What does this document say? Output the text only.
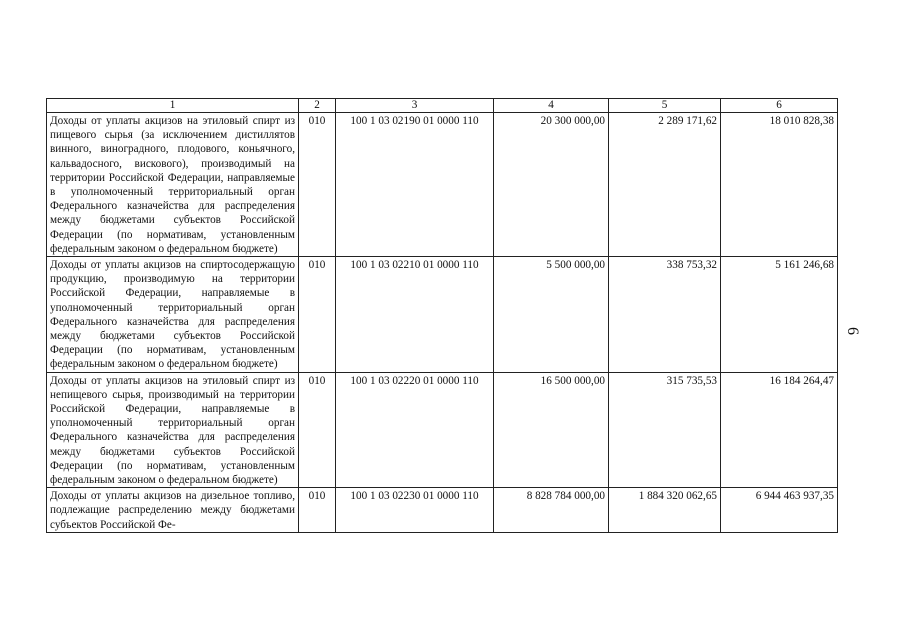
1	2	3	4	5	6
Доходы от уплаты акцизов на этиловый спирт из пищевого сырья (за исключением дистиллятов винного, виноградного, плодового, коньячного, кальвадосного, вискового), производимый на территории Российской Федерации, направляемые в уполномоченный территориальный орган Федерального казначейства для распределения между бюджетами субъектов Российской Федерации (по нормативам, установленным федеральным законом о федеральном бюджете)	010	100 1 03 02190 01 0000 110	20 300 000,00	2 289 171,62	18 010 828,38
Доходы от уплаты акцизов на спиртосодержащую продукцию, производимую на территории Российской Федерации, направляемые в уполномоченный территориальный орган Федерального казначейства для распределения между бюджетами субъектов Российской Федерации (по нормативам, установленным федеральным законом о федеральном бюджете)	010	100 1 03 02210 01 0000 110	5 500 000,00	338 753,32	5 161 246,68
Доходы от уплаты акцизов на этиловый спирт из непищевого сырья, производимый на территории Российской Федерации, направляемые в уполномоченный территориальный орган Федерального казначейства для распределения между бюджетами субъектов Российской Федерации (по нормативам, установленным федеральным законом о федеральном бюджете)	010	100 1 03 02220 01 0000 110	16 500 000,00	315 735,53	16 184 264,47
Доходы от уплаты акцизов на дизельное топливо, подлежащие распределению между бюджетами субъектов Российской Фе-	010	100 1 03 02230 01 0000 110	8 828 784 000,00	1 884 320 062,65	6 944 463 937,35
6
